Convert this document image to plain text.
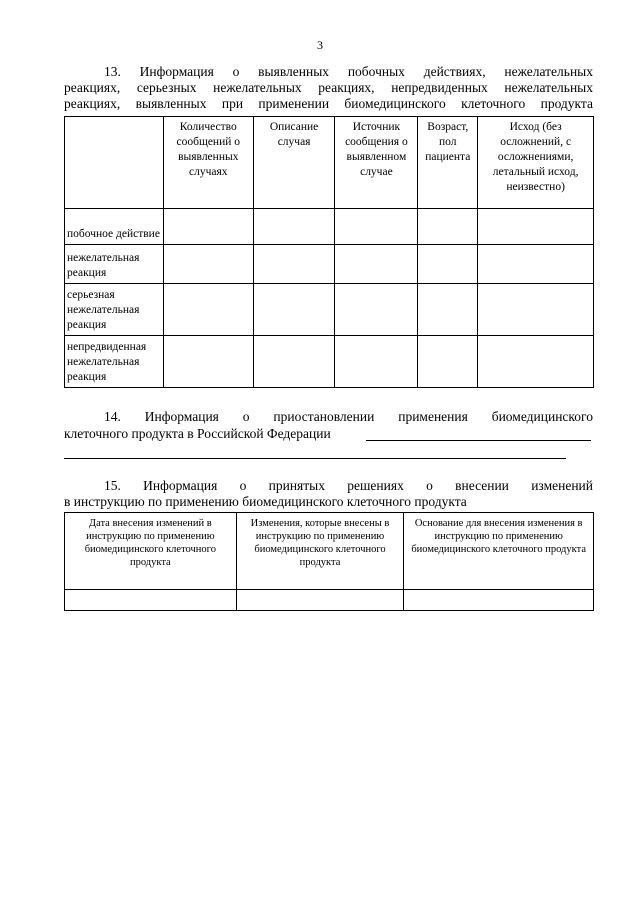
3
13. Информация о выявленных побочных действиях, нежелательных
реакциях, серьезных нежелательных реакциях, непредвиденных нежелательных
реакциях, выявленных при применении биомедицинского клеточного продукта
	Количество сообщений о выявленных случаях	Описание случая	Источник сообщения о выявленном случае	Возраст, пол пациента	Исход (без осложнений, с осложнениями, летальный исход, неизвестно)
побочное действие					
нежелательная реакция					
серьезная нежелательная реакция					
непредвиденная нежелательная реакция					
14. Информация о приостановлении применения биомедицинского
клеточного продукта в Российской Федерации
15. Информация о принятых решениях о внесении изменений
в инструкцию по применению биомедицинского клеточного продукта
Дата внесения изменений в инструкцию по применению биомедицинского клеточного продукта	Изменения, которые внесены в инструкцию по применению биомедицинского клеточного продукта	Основание для внесения изменения в инструкцию по применению биомедицинского клеточного продукта
